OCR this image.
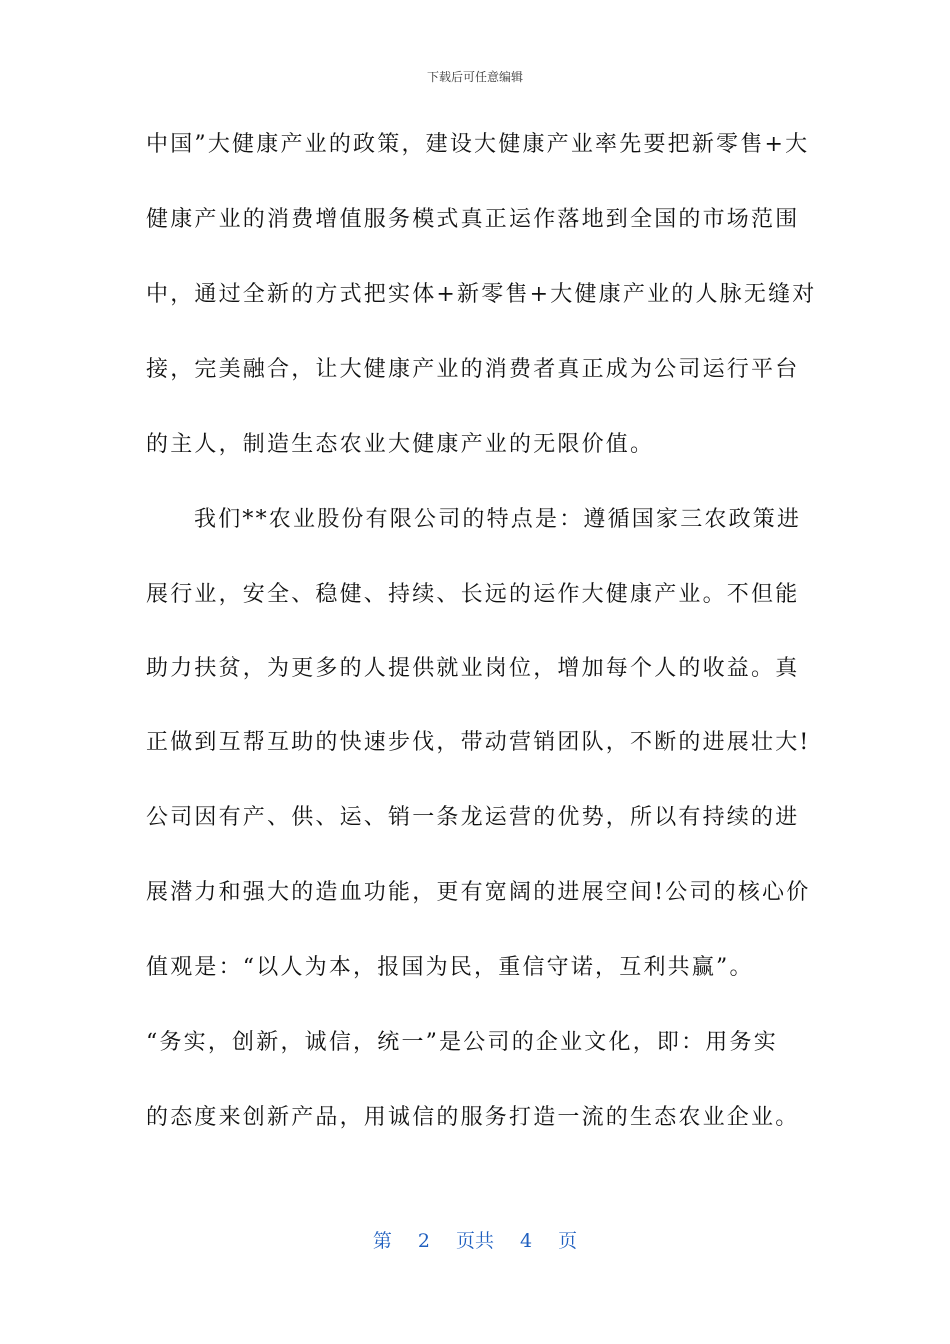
下载后可任意编辑
中国”大健康产业的政策，建设大健康产业率先要把新零售+大
健康产业的消费增值服务模式真正运作落地到全国的市场范围
中，通过全新的方式把实体+新零售+大健康产业的人脉无缝对
接，完美融合，让大健康产业的消费者真正成为公司运行平台
的主人，制造生态农业大健康产业的无限价值。
我们**农业股份有限公司的特点是：遵循国家三农政策进
展行业，安全、稳健、持续、长远的运作大健康产业。不但能
助力扶贫，为更多的人提供就业岗位，增加每个人的收益。真
正做到互帮互助的快速步伐，带动营销团队，不断的进展壮大!
公司因有产、供、运、销一条龙运营的优势，所以有持续的进
展潜力和强大的造血功能，更有宽阔的进展空间!公司的核心价
值观是：“以人为本，报国为民，重信守诺，互利共赢”。
“务实，创新，诚信，统一”是公司的企业文化，即：用务实
的态度来创新产品，用诚信的服务打造一流的生态农业企业。
第 2 页共 4 页
